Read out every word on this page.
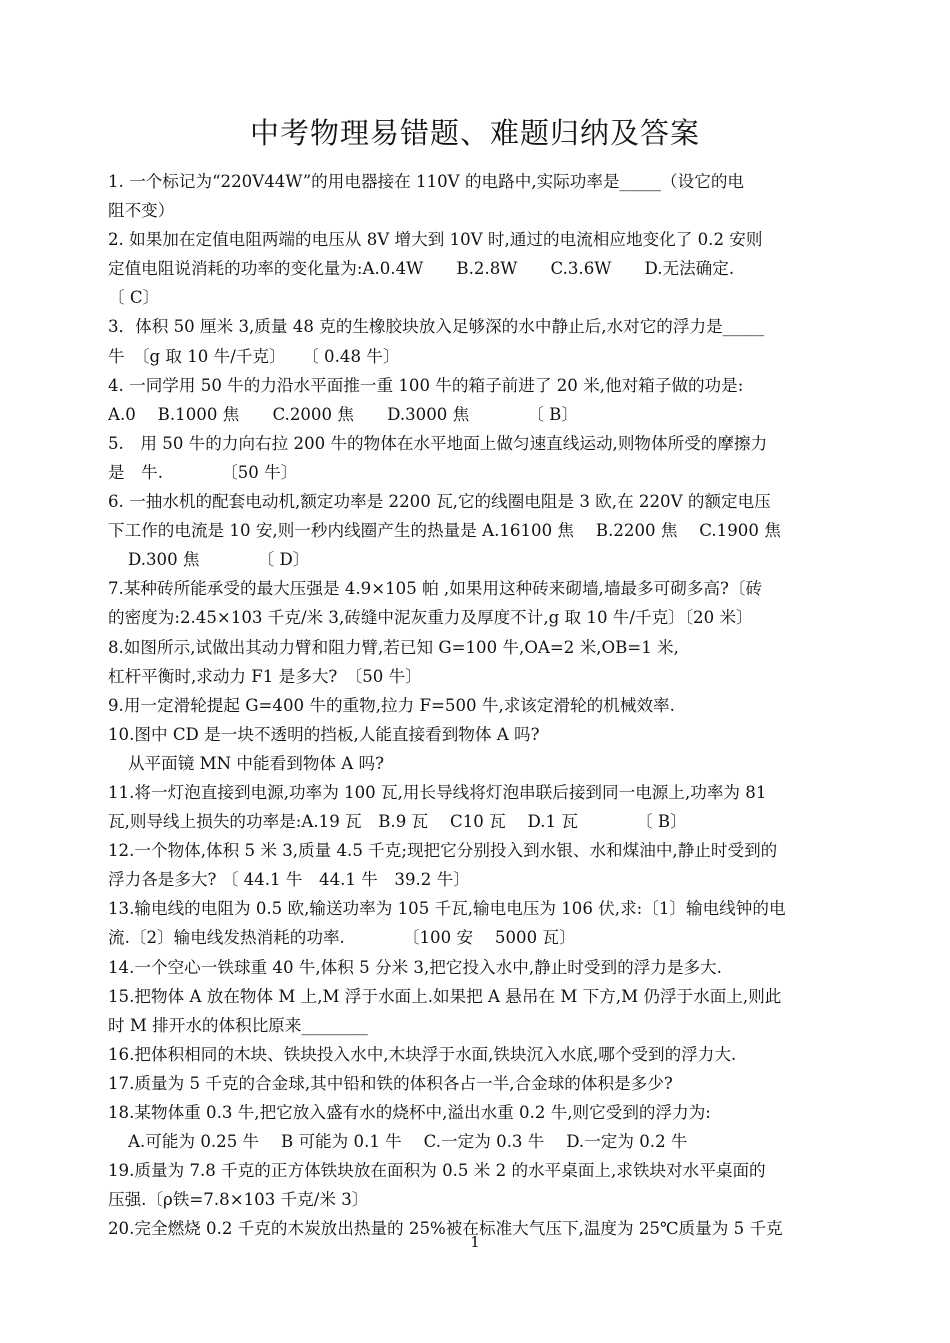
中考物理易错题、难题归纳及答案
1. 一个标记为“220V44W”的用电器接在 110V 的电路中,实际功率是_____（设它的电
阻不变）
2. 如果加在定值电阻两端的电压从 8V 增大到 10V 时,通过的电流相应地变化了 0.2 安则
定值电阻说消耗的功率的变化量为:A.0.4W　　B.2.8W　　C.3.6W　　D.无法确定.
〔 C〕
3．体积 50 厘米 3,质量 48 克的生橡胶块放入足够深的水中静止后,水对它的浮力是_____
牛　〔g 取 10 牛/千克〕　　〔 0.48 牛〕
4. 一同学用 50 牛的力沿水平面推一重 100 牛的箱子前进了 20 米,他对箱子做的功是:
A.0　 B.1000 焦　　C.2000 焦　　D.3000 焦　　　　〔 B〕
5.　用 50 牛的力向右拉 200 牛的物体在水平地面上做匀速直线运动,则物体所受的摩擦力
是　牛.　　　　〔50 牛〕
6. 一抽水机的配套电动机,额定功率是 2200 瓦,它的线圈电阻是 3 欧,在 220V 的额定电压
下工作的电流是 10 安,则一秒内线圈产生的热量是 A.16100 焦　 B.2200 焦　 C.1900 焦
D.300 焦　　　　〔 D〕
7.某种砖所能承受的最大压强是 4.9×105 帕 ,如果用这种砖来砌墙,墙最多可砌多高?〔砖
的密度为:2.45×103 千克/米 3,砖缝中泥灰重力及厚度不计,g 取 10 牛/千克〕〔20 米〕
8.如图所示,试做出其动力臂和阻力臂,若已知 G=100 牛,OA=2 米,OB=1 米,
杠杆平衡时,求动力 F1 是多大?　〔50 牛〕
9.用一定滑轮提起 G=400 牛的重物,拉力 F=500 牛,求该定滑轮的机械效率.
10.图中 CD 是一块不透明的挡板,人能直接看到物体 A 吗?
从平面镜 MN 中能看到物体 A 吗?
11.将一灯泡直接到电源,功率为 100 瓦,用长导线将灯泡串联后接到同一电源上,功率为 81
瓦,则导线上损失的功率是:A.19 瓦　B.9 瓦　 C10 瓦　 D.1 瓦　　　　〔 B〕
12.一个物体,体积 5 米 3,质量 4.5 千克;现把它分别投入到水银、水和煤油中,静止时受到的
浮力各是多大? 〔 44.1 牛　44.1 牛　39.2 牛〕
13.输电线的电阻为 0.5 欧,输送功率为 105 千瓦,输电电压为 106 伏,求:〔1〕输电线钟的电
流.〔2〕输电线发热消耗的功率.　　　　〔100 安　 5000 瓦〕
14.一个空心一铁球重 40 牛,体积 5 分米 3,把它投入水中,静止时受到的浮力是多大.
15.把物体 A 放在物体 M 上,M 浮于水面上.如果把 A 悬吊在 M 下方,M 仍浮于水面上,则此
时 M 排开水的体积比原来________
16.把体积相同的木块、铁块投入水中,木块浮于水面,铁块沉入水底,哪个受到的浮力大.
17.质量为 5 千克的合金球,其中铅和铁的体积各占一半,合金球的体积是多少?
18.某物体重 0.3 牛,把它放入盛有水的烧杯中,溢出水重 0.2 牛,则它受到的浮力为:
A.可能为 0.25 牛　 B 可能为 0.1 牛　 C.一定为 0.3 牛　 D.一定为 0.2 牛
19.质量为 7.8 千克的正方体铁块放在面积为 0.5 米 2 的水平桌面上,求铁块对水平桌面的
压强.〔ρ铁=7.8×103 千克/米 3〕
20.完全燃烧 0.2 千克的木炭放出热量的 25%被在标准大气压下,温度为 25℃质量为 5 千克
1
